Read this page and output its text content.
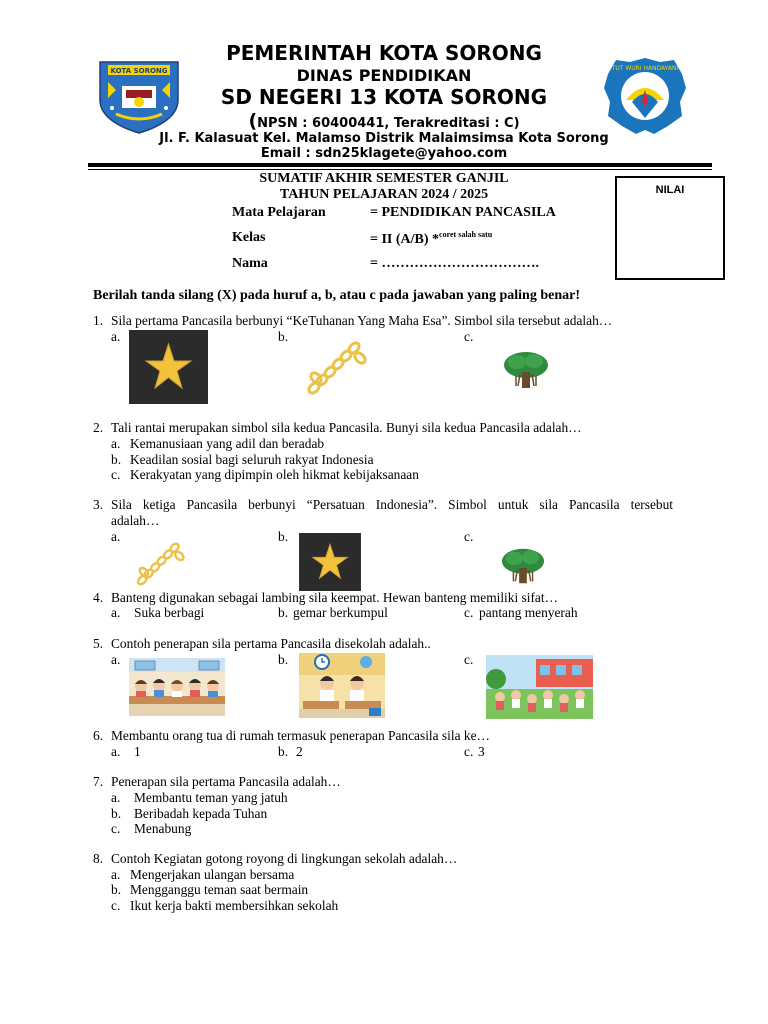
KOTA SORONG	TUT WURI HANDAYANI
PEMERINTAH KOTA SORONG
DINAS PENDIDIKAN
SD NEGERI 13 KOTA SORONG
(NPSN : 60400441, Terakreditasi : C)
Jl. F. Kalasuat Kel. Malamso Distrik Malaimsimsa Kota Sorong
Email : sdn25klagete@yahoo.com
SUMATIF AKHIR SEMESTER GANJIL
TAHUN PELAJARAN 2024 / 2025
Mata Pelajaran	= PENDIDIKAN PANCASILA
Kelas	= II (A/B) *$^{coret salah satu}$
Nama	= …………………………….
NILAI
Berilah tanda silang (X) pada huruf a, b, atau c pada jawaban yang paling benar!
1. Sila pertama Pancasila berbunyi “KeTuhanan Yang Maha Esa”. Simbol sila tersebut adalah…
a.	b.	c.
2. Tali rantai merupakan simbol sila kedua Pancasila. Bunyi sila kedua Pancasila adalah…
a. Kemanusiaan yang adil dan beradab
b. Keadilan sosial bagi seluruh rakyat Indonesia
c. Kerakyatan yang dipimpin oleh hikmat kebijaksanaan
3. Sila ketiga Pancasila berbunyi “Persatuan Indonesia”. Simbol untuk sila Pancasila tersebut
adalah…
a.	b.	c.
4. Banteng digunakan sebagai lambing sila keempat. Hewan banteng memiliki sifat…
a. Suka berbagi	b. gemar berkumpul	c. pantang menyerah
5. Contoh penerapan sila pertama Pancasila disekolah adalah..
a.	b.	c.
6. Membantu orang tua di rumah termasuk penerapan Pancasila sila ke…
a. 1	b. 2	c. 3
7. Penerapan sila pertama Pancasila adalah…
a. Membantu teman yang jatuh
b. Beribadah kepada Tuhan
c. Menabung
8. Contoh Kegiatan gotong royong di lingkungan sekolah adalah…
a. Mengerjakan ulangan bersama
b. Mengganggu teman saat bermain
c. Ikut kerja bakti membersihkan sekolah
